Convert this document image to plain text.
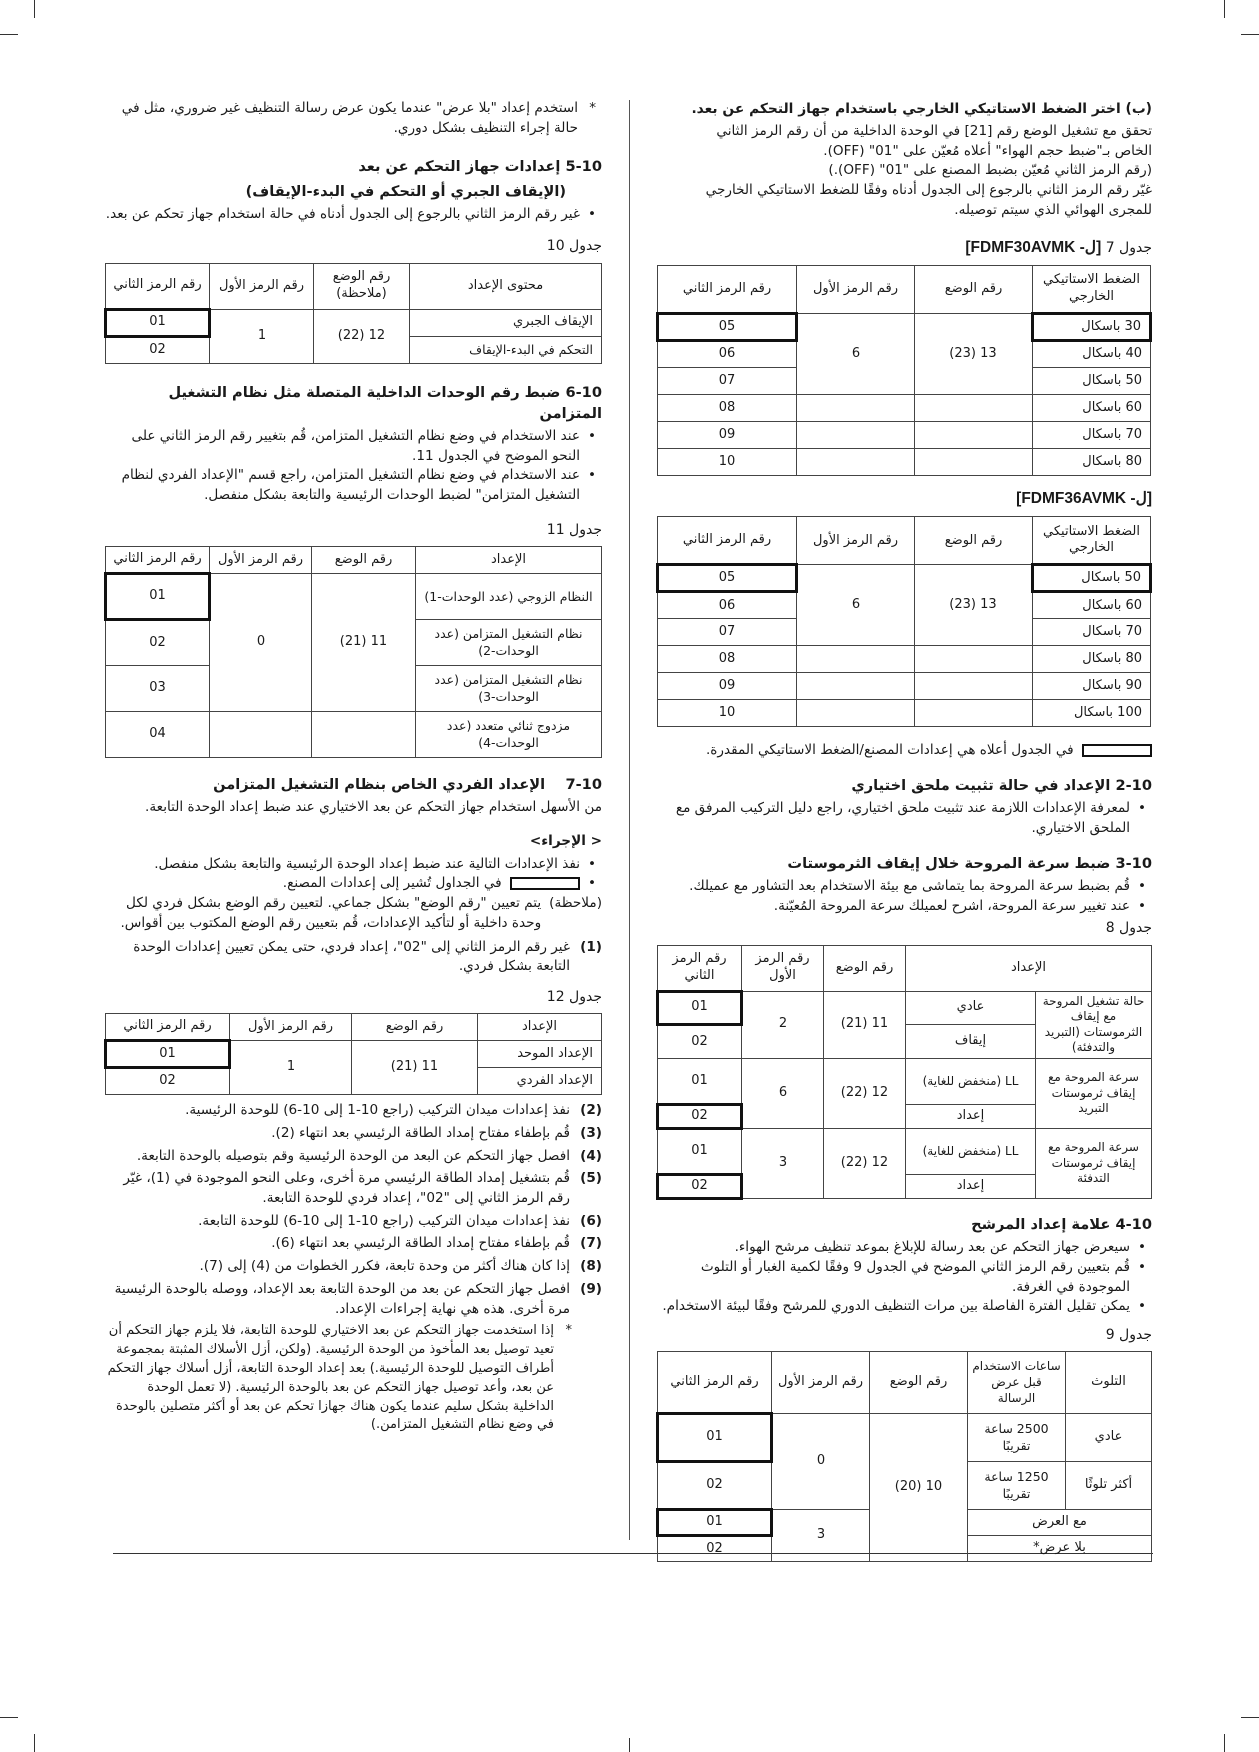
(ب) اختر الضغط الاستاتيكي الخارجي باستخدام جهاز التحكم عن بعد.

تحقق مع تشغيل الوضع رقم [21] في الوحدة الداخلية من أن رقم الرمز الثاني

الخاص بـ"ضبط حجم الهواء" أعلاه مُعيّن على "01" (OFF).

(رقم الرمز الثاني مُعيّن بضبط المصنع على "01" (OFF).)

غيّر رقم الرمز الثاني بالرجوع إلى الجدول أدناه وفقًا للضغط الاستاتيكي الخارجي

للمجرى الهوائي الذي سيتم توصيله.

جدول 7 [FDMF30AVMK -ل]

الضغط الاستاتيكي الخارجي	رقم الوضع	رقم الرمز الأول	رقم الرمز الثاني
30 باسكال	13 (23)	6	05
40 باسكال			06
50 باسكال			07
60 باسكال			08
70 باسكال			09
80 باسكال			10

[FDMF36AVMK -ل]

الضغط الاستاتيكي الخارجي	رقم الوضع	رقم الرمز الأول	رقم الرمز الثاني
50 باسكال	13 (23)	6	05
60 باسكال			06
70 باسكال			07
80 باسكال			08
90 باسكال			09
100 باسكال			10

في الجدول أعلاه هي إعدادات المصنع/الضغط الاستاتيكي المقدرة.

2-10 الإعداد في حالة تثبيت ملحق اختياري

• لمعرفة الإعدادات اللازمة عند تثبيت ملحق اختياري، راجع دليل التركيب المرفق مع الملحق الاختياري.

3-10 ضبط سرعة المروحة خلال إيقاف الثرموستات

• قُم بضبط سرعة المروحة بما يتماشى مع بيئة الاستخدام بعد التشاور مع عميلك.

• عند تغيير سرعة المروحة، اشرح لعميلك سرعة المروحة المُعيّنة.

جدول 8

الإعداد		رقم الوضع	رقم الرمز الأول	رقم الرمز الثاني
حالة تشغيل المروحة مع إيقاف الثرموستات (التبريد والتدفئة)	عادي	11 (21)	2	01
	إيقاف			02
سرعة المروحة مع إيقاف ثرموستات التبريد	LL (منخفض للغاية)	12 (22)	6	01
	إعداد			02
سرعة المروحة مع إيقاف ثرموستات التدفئة	LL (منخفض للغاية)	12 (22)	3	01
	إعداد			02

4-10 علامة إعداد المرشح

• سيعرض جهاز التحكم عن بعد رسالة للإبلاغ بموعد تنظيف مرشح الهواء.

• قُم بتعيين رقم الرمز الثاني الموضح في الجدول 9 وفقًا لكمية الغبار أو التلوث الموجودة في الغرفة.

• يمكن تقليل الفترة الفاصلة بين مرات التنظيف الدوري للمرشح وفقًا لبيئة الاستخدام.

جدول 9

التلوث	ساعات الاستخدام قبل عرض الرسالة	رقم الوضع	رقم الرمز الأول	رقم الرمز الثاني
عادي	2500 ساعة تقريبًا	10 (20)	0	01
أكثر تلوثًا	1250 ساعة تقريبًا			02
مع العرض			3	01
بلا عرض*				02

* استخدم إعداد "بلا عرض" عندما يكون عرض رسالة التنظيف غير ضروري، مثل في حالة إجراء التنظيف بشكل دوري.

5-10 إعدادات جهاز التحكم عن بعد

(الإيقاف الجبري أو التحكم في البدء-الإيقاف)

• غير رقم الرمز الثاني بالرجوع إلى الجدول أدناه في حالة استخدام جهاز تحكم عن بعد.

جدول 10

محتوى الإعداد	رقم الوضع (ملاحظة)	رقم الرمز الأول	رقم الرمز الثاني
الإيقاف الجبري	12 (22)	1	01
التحكم في البدء-الإيقاف			02

6-10 ضبط رقم الوحدات الداخلية المتصلة مثل نظام التشغيل المتزامن

• عند الاستخدام في وضع نظام التشغيل المتزامن، قُم بتغيير رقم الرمز الثاني على النحو الموضح في الجدول 11.

• عند الاستخدام في وضع نظام التشغيل المتزامن، راجع قسم "الإعداد الفردي لنظام التشغيل المتزامن" لضبط الوحدات الرئيسية والتابعة بشكل منفصل.

جدول 11

الإعداد	رقم الوضع	رقم الرمز الأول	رقم الرمز الثاني
النظام الزوجي (عدد الوحدات-1)	11 (21)	0	01
نظام التشغيل المتزامن (عدد الوحدات-2)			02
نظام التشغيل المتزامن (عدد الوحدات-3)			03
مزدوج ثنائي متعدد (عدد الوحدات-4)			04

7-10    الإعداد الفردي الخاص بنظام التشغيل المتزامن

من الأسهل استخدام جهاز التحكم عن بعد الاختياري عند ضبط إعداد الوحدة التابعة.

< الإجراء>

• نفذ الإعدادات التالية عند ضبط إعداد الوحدة الرئيسية والتابعة بشكل منفصل.

• في الجداول تُشير إلى إعدادات المصنع.

(ملاحظة)
يتم تعيين "رقم الوضع" بشكل جماعي. لتعيين رقم الوضع بشكل فردي لكل وحدة داخلية أو لتأكيد الإعدادات، قُم بتعيين رقم الوضع المكتوب بين أقواس.
(1)
غير رقم الرمز الثاني إلى "02"، إعداد فردي، حتى يمكن تعيين إعدادات الوحدة التابعة بشكل فردي.

جدول 12

الإعداد	رقم الوضع	رقم الرمز الأول	رقم الرمز الثاني
الإعداد الموحد	11 (21)	1	01
الإعداد الفردي			02
(2)
نفذ إعدادات ميدان التركيب (راجع 10-1 إلى 10-6) للوحدة الرئيسية.
(3)
قُم بإطفاء مفتاح إمداد الطاقة الرئيسي بعد انتهاء (2).
(4)
افصل جهاز التحكم عن البعد من الوحدة الرئيسية وقم بتوصيله بالوحدة التابعة.
(5)
قُم بتشغيل إمداد الطاقة الرئيسي مرة أخرى، وعلى النحو الموجودة في (1)، غيّر رقم الرمز الثاني إلى "02"، إعداد فردي للوحدة التابعة.
(6)
نفذ إعدادات ميدان التركيب (راجع 10-1 إلى 10-6) للوحدة التابعة.
(7)
قُم بإطفاء مفتاح إمداد الطاقة الرئيسي بعد انتهاء (6).
(8)
إذا كان هناك أكثر من وحدة تابعة، فكرر الخطوات من (4) إلى (7).
(9)
افصل جهاز التحكم عن بعد من الوحدة التابعة بعد الإعداد، ووصله بالوحدة الرئيسية مرة أخرى. هذه هي نهاية إجراءات الإعداد.

* إذا استخدمت جهاز التحكم عن بعد الاختياري للوحدة التابعة، فلا يلزم جهاز التحكم أن تعيد توصيل بعد المأخوذ من الوحدة الرئيسية. (ولكن، أزل الأسلاك المثبتة بمجموعة أطراف التوصيل للوحدة الرئيسية.) بعد إعداد الوحدة التابعة، أزل أسلاك جهاز التحكم عن بعد، وأعد توصيل جهاز التحكم عن بعد بالوحدة الرئيسية. (لا تعمل الوحدة الداخلية بشكل سليم عندما يكون هناك جهازا تحكم عن بعد أو أكثر متصلين بالوحدة في وضع نظام التشغيل المتزامن.)
